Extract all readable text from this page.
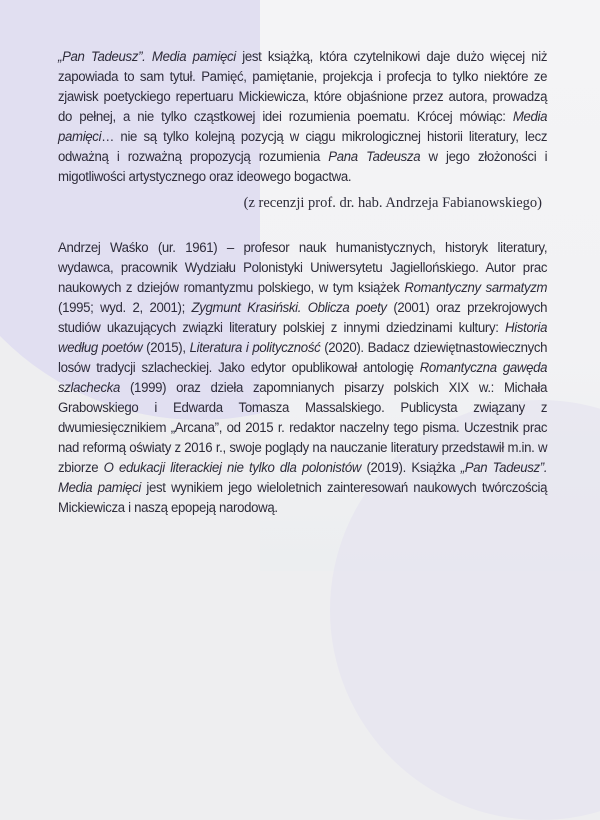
„Pan Tadeusz”. Media pamięci jest książką, która czytelnikowi daje dużo więcej niż zapowiada to sam tytuł. Pamięć, pamiętanie, projekcja i profecja to tylko niektóre ze zjawisk poetyckiego repertuaru Mickiewicza, które objaśnione przez autora, prowadzą do pełnej, a nie tylko cząstkowej idei rozumienia poematu. Krócej mówiąc: Media pamięci… nie są tylko kolejną pozycją w ciągu mikrologicznej historii literatury, lecz odważną i rozważną propozycją rozumienia Pana Tadeusza w jego złożoności i migotliwości artystycznego oraz ideowego bogactwa.

(z recenzji prof. dr. hab. Andrzeja Fabianowskiego)

Andrzej Waśko (ur. 1961) – profesor nauk humanistycznych, historyk literatury, wydawca, pracownik Wydziału Polonistyki Uniwersytetu Jagiellońskiego. Autor prac naukowych z dziejów romantyzmu polskiego, w tym książek Romantyczny sarmatyzm (1995; wyd. 2, 2001); Zygmunt Krasiński. Oblicza poety (2001) oraz przekrojowych studiów ukazujących związki literatury polskiej z innymi dziedzinami kultury: Historia według poetów (2015), Literatura i polityczność (2020). Badacz dziewiętnastowiecznych losów tradycji szlacheckiej. Jako edytor opublikował antologię Romantyczna gawęda szlachecka (1999) oraz dzieła zapomnianych pisarzy polskich XIX w.: Michała Grabowskiego i Edwarda Tomasza Massalskiego. Publicysta związany z dwumiesięcznikiem „Arcana”, od 2015 r. redaktor naczelny tego pisma. Uczestnik prac nad reformą oświaty z 2016 r., swoje poglądy na nauczanie literatury przedstawił m.in. w zbiorze O edukacji literackiej nie tylko dla polonistów (2019). Książka „Pan Tadeusz”. Media pamięci jest wynikiem jego wieloletnich zainteresowań naukowych twórczością Mickiewicza i naszą epopeją narodową.
